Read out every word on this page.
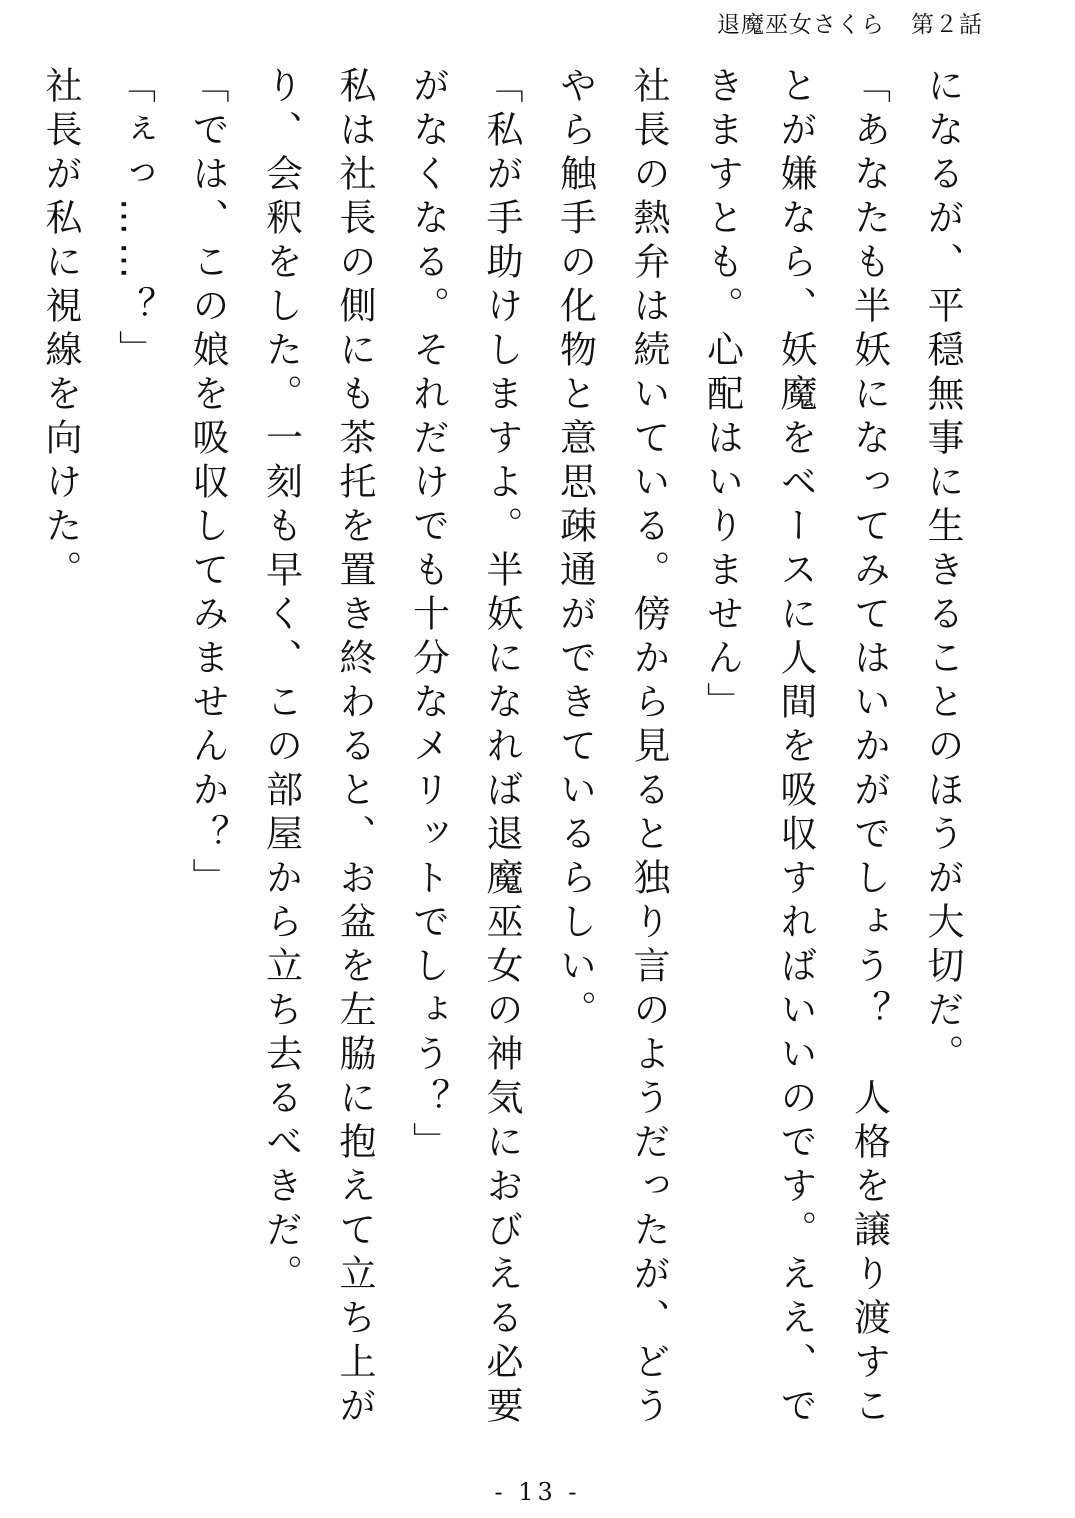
退魔巫女さくら 第２話

になるが、平穏無事に生きることのほうが大切だ。

「あなたも半妖になってみてはいかがでしょう？　人格を譲り渡すことが嫌なら、妖魔をベースに人間を吸収すればいいのです。ええ、できますとも。心配はいりません」

社長の熱弁は続いている。傍から見ると独り言のようだったが、どうやら触手の化物と意思疎通ができているらしい。

「私が手助けしますよ。半妖になれば退魔巫女の神気におびえる必要がなくなる。それだけでも十分なメリットでしょう？」

私は社長の側にも茶托を置き終わると、お盆を左脇に抱えて立ち上がり、会釈をした。一刻も早く、この部屋から立ち去るべきだ。

「では、この娘を吸収してみませんか？」

「ぇっ……？」

社長が私に視線を向けた。

- 13 -
